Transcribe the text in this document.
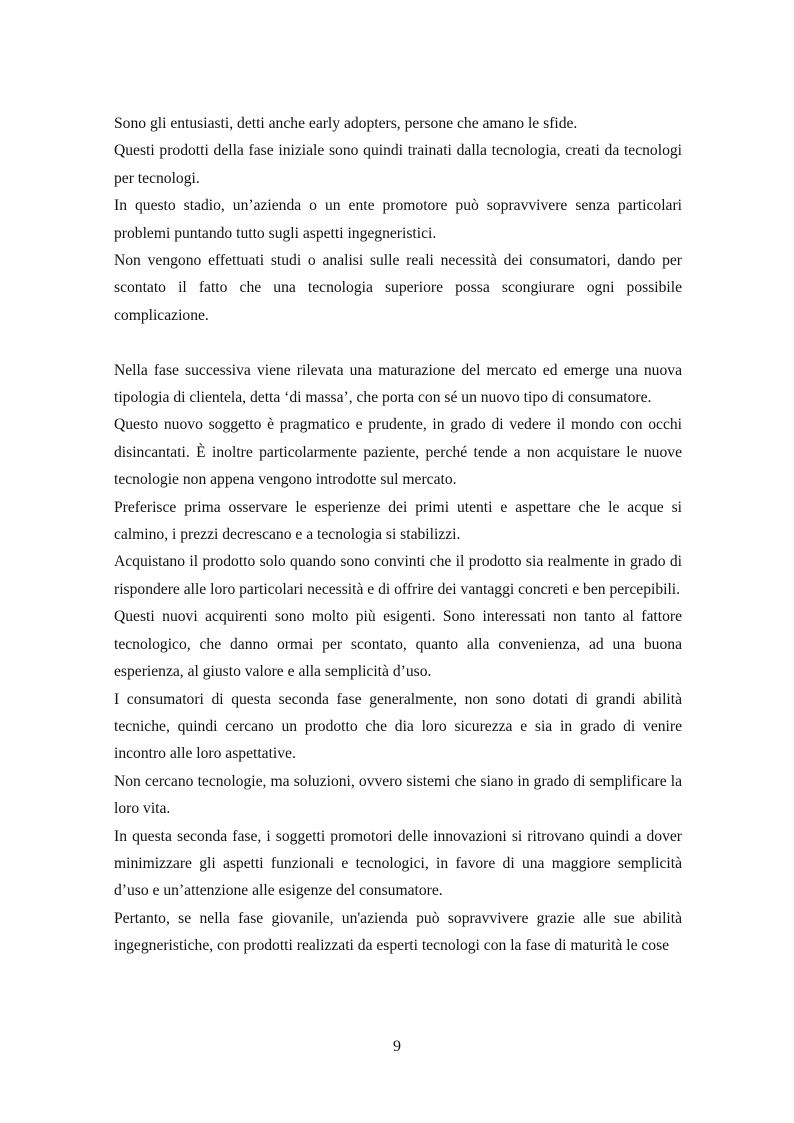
Sono gli entusiasti, detti anche early adopters, persone che amano le sfide.

Questi prodotti della fase iniziale sono quindi trainati dalla tecnologia, creati da tecnologi per tecnologi.

In questo stadio, un’azienda o un ente promotore può sopravvivere senza particolari problemi puntando tutto sugli aspetti ingegneristici.

Non vengono effettuati studi o analisi sulle reali necessità dei consumatori, dando per scontato il fatto che una tecnologia superiore possa scongiurare ogni possibile complicazione.

Nella fase successiva viene rilevata una maturazione del mercato ed emerge una nuova tipologia di clientela, detta ‘di massa’, che porta con sé un nuovo tipo di consumatore.

Questo nuovo soggetto è pragmatico e prudente, in grado di vedere il mondo con occhi disincantati. È inoltre particolarmente paziente, perché tende a non acquistare le nuove tecnologie non appena vengono introdotte sul mercato.

Preferisce prima osservare le esperienze dei primi utenti e aspettare che le acque si calmino, i prezzi decrescano e a tecnologia si stabilizzi.

Acquistano il prodotto solo quando sono convinti che il prodotto sia realmente in grado di rispondere alle loro particolari necessità e di offrire dei vantaggi concreti e ben percepibili.

Questi nuovi acquirenti sono molto più esigenti. Sono interessati non tanto al fattore tecnologico, che danno ormai per scontato, quanto alla convenienza, ad una buona esperienza, al giusto valore e alla semplicità d’uso.

I consumatori di questa seconda fase generalmente, non sono dotati di grandi abilità tecniche, quindi cercano un prodotto che dia loro sicurezza e sia in grado di venire incontro alle loro aspettative.

Non cercano tecnologie, ma soluzioni, ovvero sistemi che siano in grado di semplificare la loro vita.

In questa seconda fase, i soggetti promotori delle innovazioni si ritrovano quindi a dover minimizzare gli aspetti funzionali e tecnologici, in favore di una maggiore semplicità d’uso e un’attenzione alle esigenze del consumatore.

Pertanto, se nella fase giovanile, un'azienda può sopravvivere grazie alle sue abilità ingegneristiche, con prodotti realizzati da esperti tecnologi con la fase di maturità le cose

9
